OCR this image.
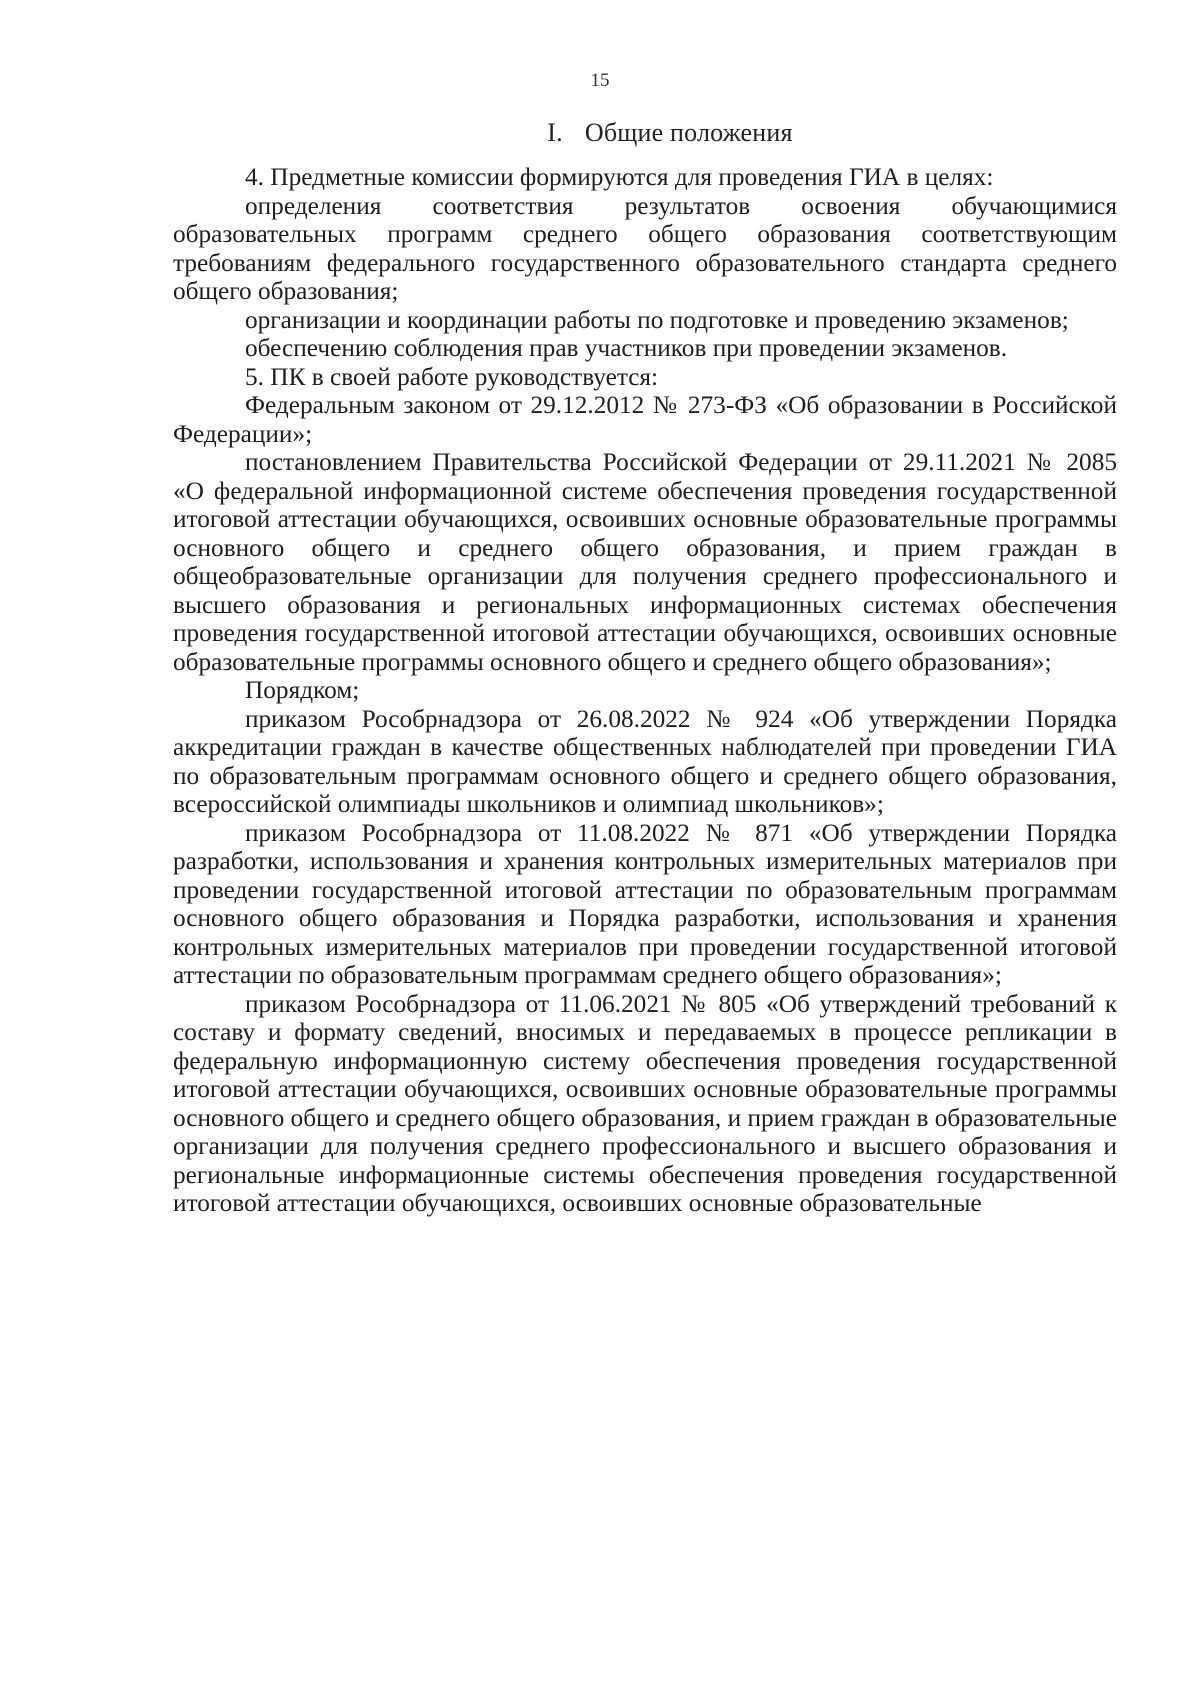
15
I. Общие положения

4. Предметные комиссии формируются для проведения ГИА в целях:

определения соответствия результатов освоения обучающимися образовательных программ среднего общего образования соответствующим требованиям федерального государственного образовательного стандарта среднего общего образования;

организации и координации работы по подготовке и проведению экзаменов;

обеспечению соблюдения прав участников при проведении экзаменов.

5. ПК в своей работе руководствуется:

Федеральным законом от 29.12.2012 № 273-ФЗ «Об образовании в Российской Федерации»;

постановлением Правительства Российской Федерации от 29.11.2021 № 2085 «О федеральной информационной системе обеспечения проведения государственной итоговой аттестации обучающихся, освоивших основные образовательные программы основного общего и среднего общего образования, и прием граждан в общеобразовательные организации для получения среднего профессионального и высшего образования и региональных информационных системах обеспечения проведения государственной итоговой аттестации обучающихся, освоивших основные образовательные программы основного общего и среднего общего образования»;

Порядком;

приказом Рособрнадзора от 26.08.2022 № 924 «Об утверждении Порядка аккредитации граждан в качестве общественных наблюдателей при проведении ГИА по образовательным программам основного общего и среднего общего образования, всероссийской олимпиады школьников и олимпиад школьников»;

приказом Рособрнадзора от 11.08.2022 № 871 «Об утверждении Порядка разработки, использования и хранения контрольных измерительных материалов при проведении государственной итоговой аттестации по образовательным программам основного общего образования и Порядка разработки, использования и хранения контрольных измерительных материалов при проведении государственной итоговой аттестации по образовательным программам среднего общего образования»;

приказом Рособрнадзора от 11.06.2021 № 805 «Об утверждений требований к составу и формату сведений, вносимых и передаваемых в процессе репликации в федеральную информационную систему обеспечения проведения государственной итоговой аттестации обучающихся, освоивших основные образовательные программы основного общего и среднего общего образования, и прием граждан в образовательные организации для получения среднего профессионального и высшего образования и региональные информационные системы обеспечения проведения государственной итоговой аттестации обучающихся, освоивших основные образовательные
